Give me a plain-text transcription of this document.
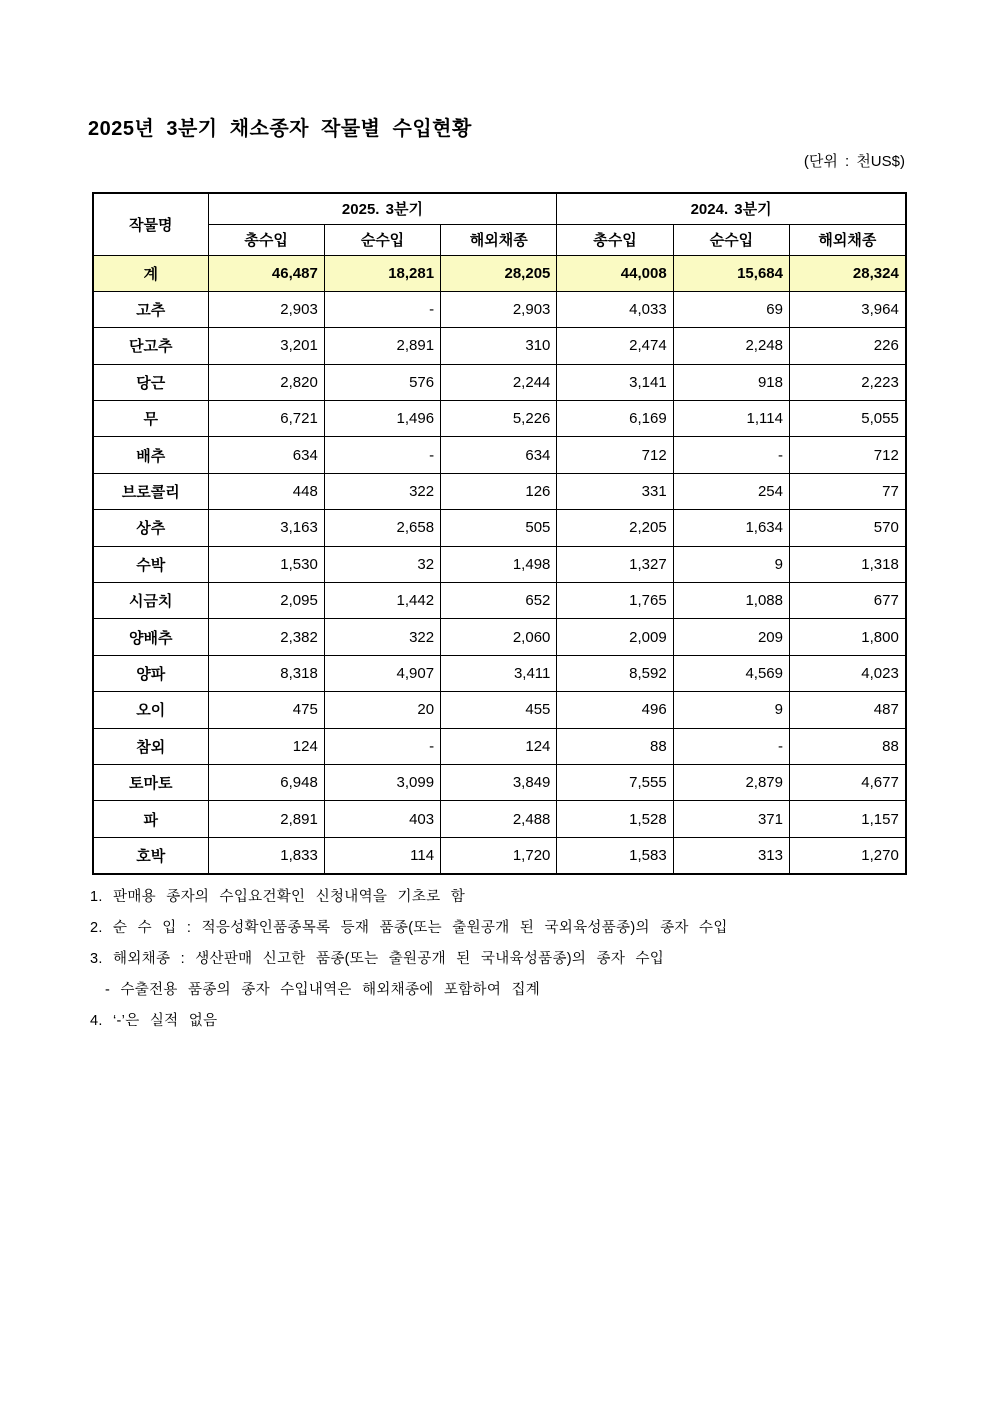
2025년 3분기 채소종자 작물별 수입현황
(단위 : 천US$)
작물명	2025. 3분기			2024. 3분기		
	총수입	순수입	해외채종	총수입	순수입	해외채종
계	46,487	18,281	28,205	44,008	15,684	28,324
고추	2,903	-	2,903	4,033	69	3,964
단고추	3,201	2,891	310	2,474	2,248	226
당근	2,820	576	2,244	3,141	918	2,223
무	6,721	1,496	5,226	6,169	1,114	5,055
배추	634	-	634	712	-	712
브로콜리	448	322	126	331	254	77
상추	3,163	2,658	505	2,205	1,634	570
수박	1,530	32	1,498	1,327	9	1,318
시금치	2,095	1,442	652	1,765	1,088	677
양배추	2,382	322	2,060	2,009	209	1,800
양파	8,318	4,907	3,411	8,592	4,569	4,023
오이	475	20	455	496	9	487
참외	124	-	124	88	-	88
토마토	6,948	3,099	3,849	7,555	2,879	4,677
파	2,891	403	2,488	1,528	371	1,157
호박	1,833	114	1,720	1,583	313	1,270
1. 판매용 종자의 수입요건확인 신청내역을 기초로 함
2. 순 수 입 : 적응성확인품종목록 등재 품종(또는 출원공개 된 국외육성품종)의 종자 수입
3. 해외채종 : 생산판매 신고한 품종(또는 출원공개 된 국내육성품종)의 종자 수입
- 수출전용 품종의 종자 수입내역은 해외채종에 포함하여 집계
4. ‘-’은 실적 없음
